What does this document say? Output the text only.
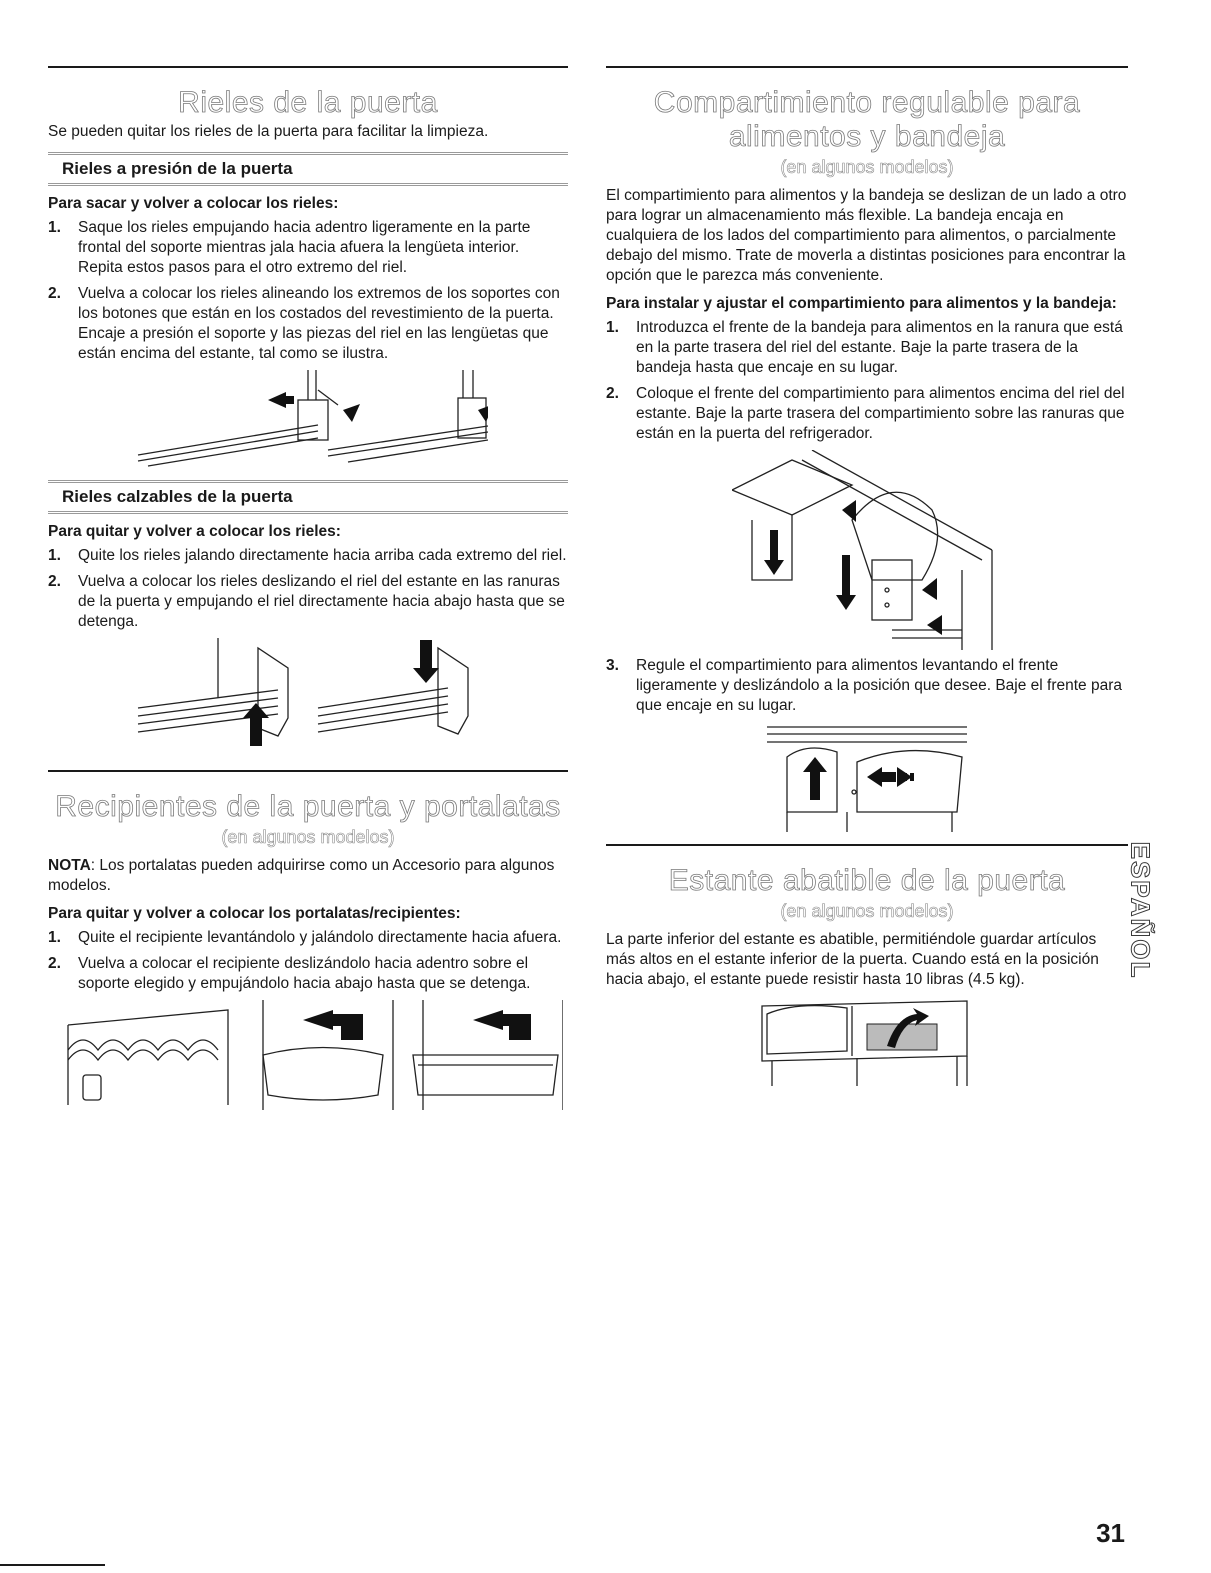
Rieles de la puerta

Se pueden quitar los rieles de la puerta para facilitar la limpieza.

Rieles a presión de la puerta
Para sacar y volver a colocar los rieles:
1. Saque los rieles empujando hacia adentro ligeramente en la parte frontal del soporte mientras jala hacia afuera la lengüeta interior. Repita estos pasos para el otro extremo del riel.
2. Vuelva a colocar los rieles alineando los extremos de los soportes con los botones que están en los costados del revestimiento de la puerta. Encaje a presión el soporte y las piezas del riel en las lengüetas que están encima del estante, tal como se ilustra.
Rieles calzables de la puerta
Para quitar y volver a colocar los rieles:
1. Quite los rieles jalando directamente hacia arriba cada extremo del riel.
2. Vuelva a colocar los rieles deslizando el riel del estante en las ranuras de la puerta y empujando el riel directamente hacia abajo hasta que se detenga.
Recipientes de la puerta y portalatas
(en algunos modelos)

NOTA: Los portalatas pueden adquirirse como un Accesorio para algunos modelos.

Para quitar y volver a colocar los portalatas/recipientes:
1. Quite el recipiente levantándolo y jalándolo directamente hacia afuera.
2. Vuelva a colocar el recipiente deslizándolo hacia adentro sobre el soporte elegido y empujándolo hacia abajo hasta que se detenga.
Compartimiento regulable para
alimentos y bandeja
(en algunos modelos)

El compartimiento para alimentos y la bandeja se deslizan de un lado a otro para lograr un almacenamiento más flexible. La bandeja encaja en cualquiera de los lados del compartimiento para alimentos, o parcialmente debajo del mismo. Trate de moverla a distintas posiciones para encontrar la opción que le parezca más conveniente.

Para instalar y ajustar el compartimiento para alimentos y la bandeja:
1. Introduzca el frente de la bandeja para alimentos en la ranura que está en la parte trasera del riel del estante. Baje la parte trasera de la bandeja hasta que encaje en su lugar.
2. Coloque el frente del compartimiento para alimentos encima del riel del estante. Baje la parte trasera del compartimiento sobre las ranuras que están en la puerta del refrigerador.
3. Regule el compartimiento para alimentos levantando el frente ligeramente y deslizándolo a la posición que desee. Baje el frente para que encaje en su lugar.
Estante abatible de la puerta
(en algunos modelos)

La parte inferior del estante es abatible, permitiéndole guardar artículos más altos en el estante inferior de la puerta. Cuando está en la posición hacia abajo, el estante puede resistir hasta 10 libras (4.5 kg).

ESPAÑOL
31
